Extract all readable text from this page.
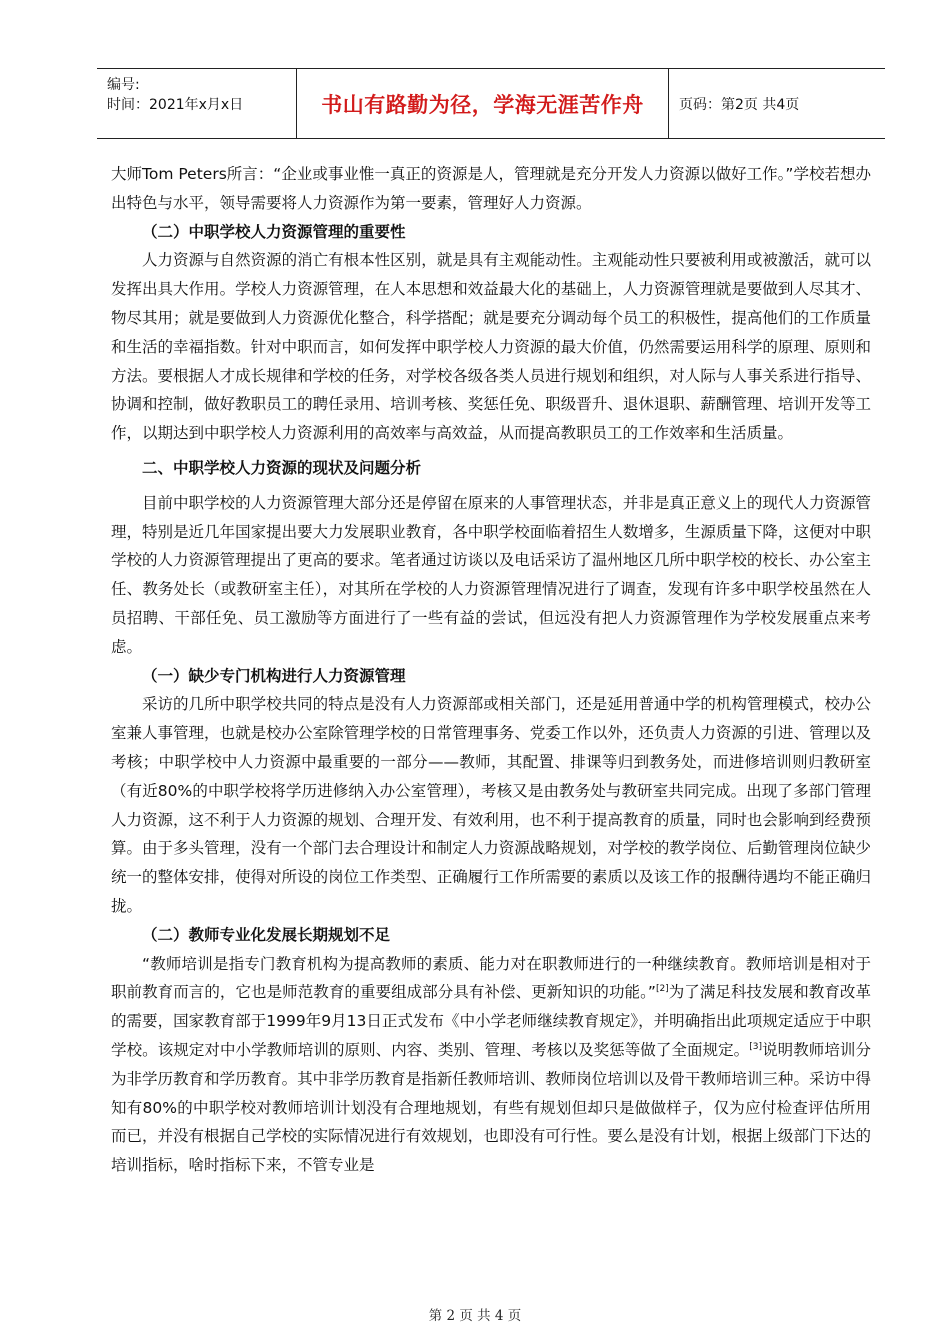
编号:
时间：2021年x月x日	书山有路勤为径，学海无涯苦作舟	页码：第2页 共4页

大师Tom Peters所言：“企业或事业惟一真正的资源是人，管理就是充分开发人力资源以做好工作。”学校若想办出特色与水平，领导需要将人力资源作为第一要素，管理好人力资源。

（二）中职学校人力资源管理的重要性

人力资源与自然资源的消亡有根本性区别，就是具有主观能动性。主观能动性只要被利用或被激活，就可以发挥出具大作用。学校人力资源管理，在人本思想和效益最大化的基础上，人力资源管理就是要做到人尽其才、物尽其用；就是要做到人力资源优化整合，科学搭配；就是要充分调动每个员工的积极性，提高他们的工作质量和生活的幸福指数。针对中职而言，如何发挥中职学校人力资源的最大价值，仍然需要运用科学的原理、原则和方法。要根据人才成长规律和学校的任务，对学校各级各类人员进行规划和组织，对人际与人事关系进行指导、协调和控制，做好教职员工的聘任录用、培训考核、奖惩任免、职级晋升、退休退职、薪酬管理、培训开发等工作，以期达到中职学校人力资源利用的高效率与高效益，从而提高教职员工的工作效率和生活质量。

二、中职学校人力资源的现状及问题分析

目前中职学校的人力资源管理大部分还是停留在原来的人事管理状态，并非是真正意义上的现代人力资源管理，特别是近几年国家提出要大力发展职业教育，各中职学校面临着招生人数增多，生源质量下降，这便对中职学校的人力资源管理提出了更高的要求。笔者通过访谈以及电话采访了温州地区几所中职学校的校长、办公室主任、教务处长（或教研室主任），对其所在学校的人力资源管理情况进行了调查，发现有许多中职学校虽然在人员招聘、干部任免、员工激励等方面进行了一些有益的尝试，但远没有把人力资源管理作为学校发展重点来考虑。

（一）缺少专门机构进行人力资源管理

采访的几所中职学校共同的特点是没有人力资源部或相关部门，还是延用普通中学的机构管理模式，校办公室兼人事管理，也就是校办公室除管理学校的日常管理事务、党委工作以外，还负责人力资源的引进、管理以及考核；中职学校中人力资源中最重要的一部分——教师，其配置、排课等归到教务处，而进修培训则归教研室（有近80%的中职学校将学历进修纳入办公室管理），考核又是由教务处与教研室共同完成。出现了多部门管理人力资源，这不利于人力资源的规划、合理开发、有效利用，也不利于提高教育的质量，同时也会影响到经费预算。由于多头管理，没有一个部门去合理设计和制定人力资源战略规划，对学校的教学岗位、后勤管理岗位缺少统一的整体安排，使得对所设的岗位工作类型、正确履行工作所需要的素质以及该工作的报酬待遇均不能正确归拢。

（二）教师专业化发展长期规划不足

“教师培训是指专门教育机构为提高教师的素质、能力对在职教师进行的一种继续教育。教师培训是相对于职前教育而言的，它也是师范教育的重要组成部分具有补偿、更新知识的功能。”[2]为了满足科技发展和教育改革的需要，国家教育部于1999年9月13日正式发布《中小学老师继续教育规定》，并明确指出此项规定适应于中职学校。该规定对中小学教师培训的原则、内容、类别、管理、考核以及奖惩等做了全面规定。[3]说明教师培训分为非学历教育和学历教育。其中非学历教育是指新任教师培训、教师岗位培训以及骨干教师培训三种。采访中得知有80%的中职学校对教师培训计划没有合理地规划，有些有规划但却只是做做样子，仅为应付检查评估所用而已，并没有根据自己学校的实际情况进行有效规划，也即没有可行性。要么是没有计划，根据上级部门下达的培训指标，啥时指标下来，不管专业是

第 2 页 共 4 页
